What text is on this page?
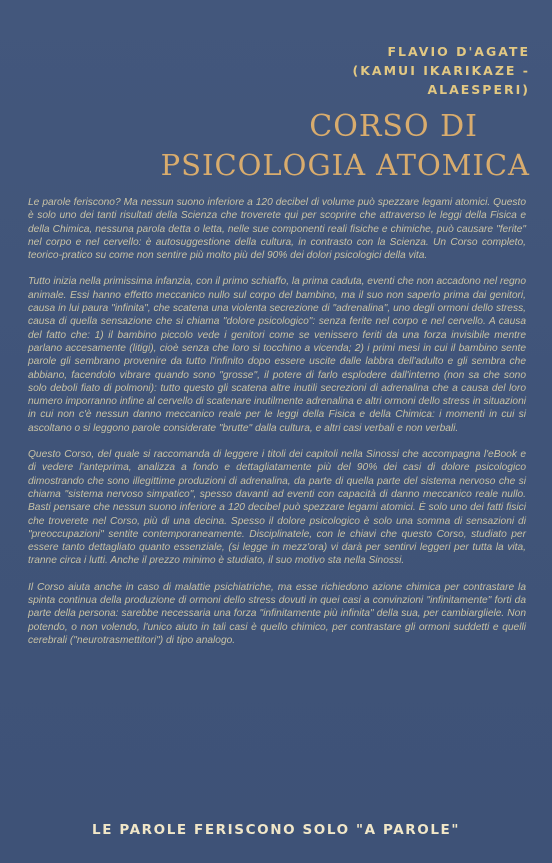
FLAVIO D'AGATE
(KAMUI IKARIKAZE -
ALAESPERI)
CORSO DI
PSICOLOGIA ATOMICA

Le parole feriscono? Ma nessun suono inferiore a 120 decibel di volume può spezzare legami atomici. Questo è solo uno dei tanti risultati della Scienza che troverete qui per scoprire che attraverso le leggi della Fisica e della Chimica, nessuna parola detta o letta, nelle sue componenti reali fisiche e chimiche, può causare "ferite" nel corpo e nel cervello: è autosuggestione della cultura, in contrasto con la Scienza. Un Corso completo, teorico-pratico su come non sentire più molto più del 90% dei dolori psicologici della vita.

Tutto inizia nella primissima infanzia, con il primo schiaffo, la prima caduta, eventi che non accadono nel regno animale. Essi hanno effetto meccanico nullo sul corpo del bambino, ma il suo non saperlo prima dai genitori, causa in lui paura "infinita", che scatena una violenta secrezione di "adrenalina", uno degli ormoni dello stress, causa di quella sensazione che si chiama "dolore psicologico": senza ferite nel corpo e nel cervello. A causa del fatto che: 1) il bambino piccolo vede i genitori come se venissero feriti da una forza invisibile mentre parlano accesamente (litigi), cioè senza che loro si tocchino a vicenda; 2) i primi mesi in cui il bambino sente parole gli sembrano provenire da tutto l'infinito dopo essere uscite dalle labbra dell'adulto e gli sembra che abbiano, facendolo vibrare quando sono "grosse", il potere di farlo esplodere dall'interno (non sa che sono solo deboli fiato di polmoni): tutto questo gli scatena altre inutili secrezioni di adrenalina che a causa del loro numero imporranno infine al cervello di scatenare inutilmente adrenalina e altri ormoni dello stress in situazioni in cui non c'è nessun danno meccanico reale per le leggi della Fisica e della Chimica: i momenti in cui si ascoltano o si leggono parole considerate "brutte" dalla cultura, e altri casi verbali e non verbali.

Questo Corso, del quale si raccomanda di leggere i titoli dei capitoli nella Sinossi che accompagna l'eBook e di vedere l'anteprima, analizza a fondo e dettagliatamente più del 90% dei casi di dolore psicologico dimostrando che sono illegittime produzioni di adrenalina, da parte di quella parte del sistema nervoso che si chiama "sistema nervoso simpatico", spesso davanti ad eventi con capacità di danno meccanico reale nullo. Basti pensare che nessun suono inferiore a 120 decibel può spezzare legami atomici. È solo uno dei fatti fisici che troverete nel Corso, più di una decina. Spesso il dolore psicologico è solo una somma di sensazioni di "preoccupazioni" sentite contemporaneamente. Disciplinatele, con le chiavi che questo Corso, studiato per essere tanto dettagliato quanto essenziale, (si legge in mezz'ora) vi darà per sentirvi leggeri per tutta la vita, tranne circa i lutti. Anche il prezzo minimo è studiato, il suo motivo sta nella Sinossi.

Il Corso aiuta anche in caso di malattie psichiatriche, ma esse richiedono azione chimica per contrastare la spinta continua della produzione di ormoni dello stress dovuti in quei casi a convinzioni "infinitamente" forti da parte della persona: sarebbe necessaria una forza "infinitamente più infinita" della sua, per cambiargliele. Non potendo, o non volendo, l'unico aiuto in tali casi è quello chimico, per contrastare gli ormoni suddetti e quelli cerebrali ("neurotrasmettitori") di tipo analogo.

LE PAROLE FERISCONO SOLO "A PAROLE"
